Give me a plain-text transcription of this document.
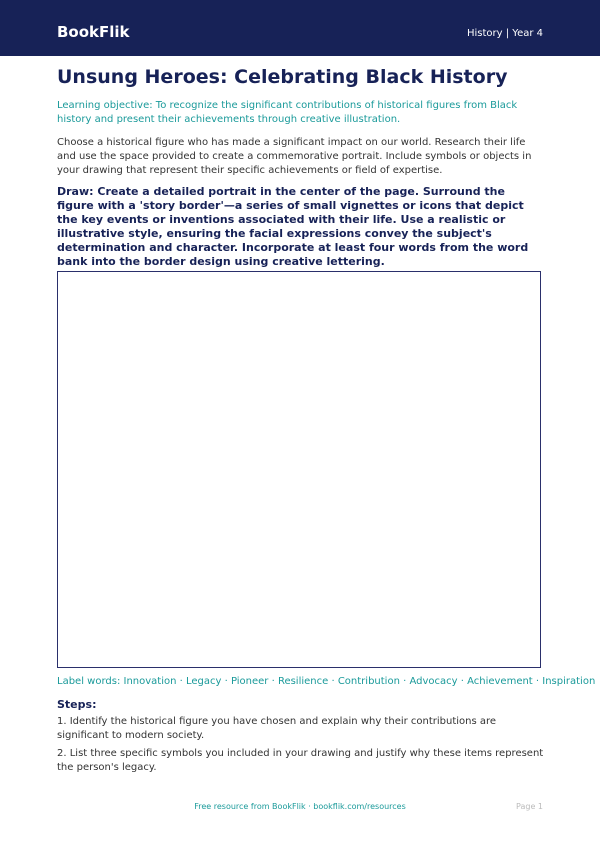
BookFlik	History | Year 4
Unsung Heroes: Celebrating Black History

Learning objective: To recognize the significant contributions of historical figures from Black history and present their achievements through creative illustration.

Choose a historical figure who has made a significant impact on our world. Research their life and use the space provided to create a commemorative portrait. Include symbols or objects in your drawing that represent their specific achievements or field of expertise.

Draw: Create a detailed portrait in the center of the page. Surround the figure with a 'story border'—a series of small vignettes or icons that depict the key events or inventions associated with their life. Use a realistic or illustrative style, ensuring the facial expressions convey the subject's determination and character. Incorporate at least four words from the word bank into the border design using creative lettering.

Label words: Innovation · Legacy · Pioneer · Resilience · Contribution · Advocacy · Achievement · Inspiration

Steps:
1. Identify the historical figure you have chosen and explain why their contributions are significant to modern society.
2. List three specific symbols you included in your drawing and justify why these items represent the person's legacy.
Free resource from BookFlik · bookflik.com/resources	Page 1
